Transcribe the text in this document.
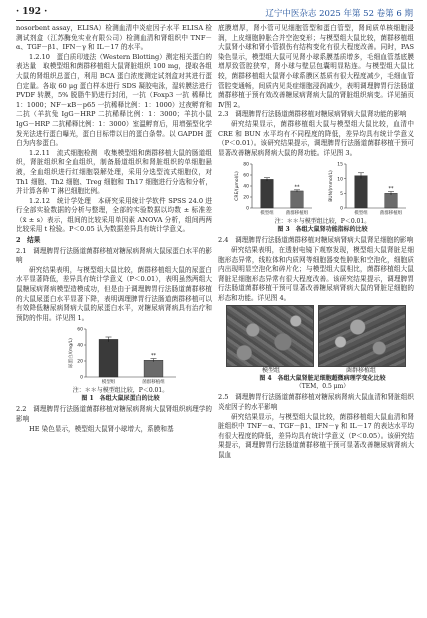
· 192 ·	辽宁中医杂志 2025 年第 52 卷第 6 期

nosorbent assay，ELISA）检测血清中炎症因子水平 ELISA 检测试剂盒（江苏酶免实业有限公司）检测血清和肾组织中 TNF－α、TGF－β1、IFN－γ 和 IL－17 的水平。

1.2.10　蛋白质印迹法（Western Blotting）测定相关蛋白的表达量　取模型组和菌群移植组大鼠肾脏组织 100 mg，提取各组大鼠的肾组织总蛋白，利用 BCA 蛋白浓度测定试剂盒对其进行蛋白定量。各取 60 μg 蛋白样本进行 SDS 凝胶电泳，湿转膜法进行 PVDF 转膜，5% 脱脂牛奶进行封闭，一抗（Foxp3 一抗 稀释比 1：1000；NF－κB－p65 一抗稀释比例：1：1000）过夜孵育和二抗（羊抗兔 IgG－HRP 二抗稀释比例：1：3000；羊抗小鼠 IgG－HRP 二抗稀释比例：1：3000）室温孵育后，用增强型化学发光法进行蛋白曝光，蛋白目标带以目的蛋白条带。以 GAPDH 蛋白为内参蛋白。

1.2.11　流式细胞检测　收集模型组和菌群移植大鼠的肠道组织，肾脏组织和全血组织，制备肠道组织和肾脏组织的单细胞悬液，全血组织进行红细胞裂解处理，采用分选型流式细胞仪，对 Th1 细胞、Th2 细胞、Treg 细胞和 Th17 细胞进行分选和分析，并计算各种 T 淋巴细胞比例。

1.2.12　统计学处理　本研究采用统计学软件 SPSS 24.0 进行全部实验数据的分析与整理，全部的实验数据以均数 ± 标准差（x̄ ± s）表示，组间的比较采用单因素 ANOVA 分析，组间两两比较采用 t 检验。P＜0.05 认为数据差异具有统计学意义。

2　结果

2.1　调理脾胃行法肠道菌群移植对糖尿病肾病大鼠尿蛋白水平的影响

研究结果表明，与模型组大鼠比较，菌群移植组大鼠的尿蛋白水平显著降低，差异具有统计学意义（P＜0.01），表明虽然两组大鼠糖尿病肾病模型造模成功，但是由于调理脾胃行法肠道菌群移植的大鼠尿蛋白水平显著下降，表明调理脾胃行法肠道菌群移植可以有效降低糖尿病肾病大鼠的尿蛋白水平，对糖尿病肾病具有治疗和预防的作用。详见图 1。

0
20
40
60
尿蛋白/(mg/L)
模型组
**
菌群移植组

注：＊＊与模型组比较，P＜0.01。

图 1　各组大鼠尿蛋白的比较

2.2　调理脾胃行法肠道菌群移植对糖尿病肾病大鼠肾组织病理学的影响

HE 染色显示，模型组大鼠肾小球增大，系膜和基

底膜增厚，肾小管可见细胞管型和蛋白管型，肾间质单核细胞浸润，上皮细胞肿胀合并空泡变形；与模型组大鼠比较，菌群移植组大鼠肾小球和肾小管损伤有结构变化有很大程度改善。同时，PAS 染色显示，模型组大鼠可见肾小球系膜基质增多，毛细血管基底膜增厚致管腔狭窄，肾小球与壁层包囊明显粘连。与模型组大鼠比较，菌群移植组大鼠肾小球系膜区基质有很大程度减少，毛细血管管腔变通畅，间质内见炎症细胞浸润减少，表明调理脾胃行法肠道菌群移植于预有效改善糖尿病肾病大鼠的肾脏组织病变。详见插页 Ⅳ图 2。

2.3　调理脾胃行法肠道菌群移植对糖尿病肾病大鼠肾功能的影响

研究结果显示，菌群移植组大鼠与模型组大鼠比较，血清中 CRE 和 BUN 水平均有不同程度的降低，差异均具有统计学意义（P＜0.01）。该研究结果提示，调理脾胃行法肠道菌群移植干预可显著改善糖尿病肾病大鼠的肾功能。详见图 3。

0
20
40
60
80
CRE/(μmol/L)
模型组
**
菌群移植组
0
5
10
15
BUN/(mmol/L)
模型组
**
菌群移植组

注：＊＊与模型组比较，P＜0.01。

图 3　各组大鼠肾功能指标的比较

2.4　调理脾胃行法肠道菌群移植对糖尿病肾病大鼠肾足细胞的影响

研究结果表明，在透射电镜下观察发现，模型组大鼠肾脏足细胞形态异常，线粒体和内质网等细胞器变性肿胀和空泡化，细胞质内出现明显空泡化和碎片化；与模型组大鼠相比，菌群移植组大鼠肾脏足细胞形态异常有很大程度改善。该研究结果提示，调理脾胃行法肠道菌群移植干预可显著改善糖尿病肾病大鼠的肾脏足细胞的形态和功能。详见图 4。

模型组	菌群移植组

图 4　各组大鼠肾脏足细胞超微病理学变化比较

（TEM，0.5 μm）

2.5　调理脾胃行法肠道菌群移植对糖尿病肾病大鼠血清和肾脏组织炎症因子的水平影响

研究结果显示，与模型组大鼠比较，菌群移植组大鼠血清和肾脏组织中 TNF－α、TGF－β1、IFN－γ 和 IL－17 的表达水平均有很大程度的降低，差异均具有统计学意义（P＜0.05）。该研究结果提示，调理脾胃行法肠道菌群移植干预可显著改善糖尿病肾病大鼠血
